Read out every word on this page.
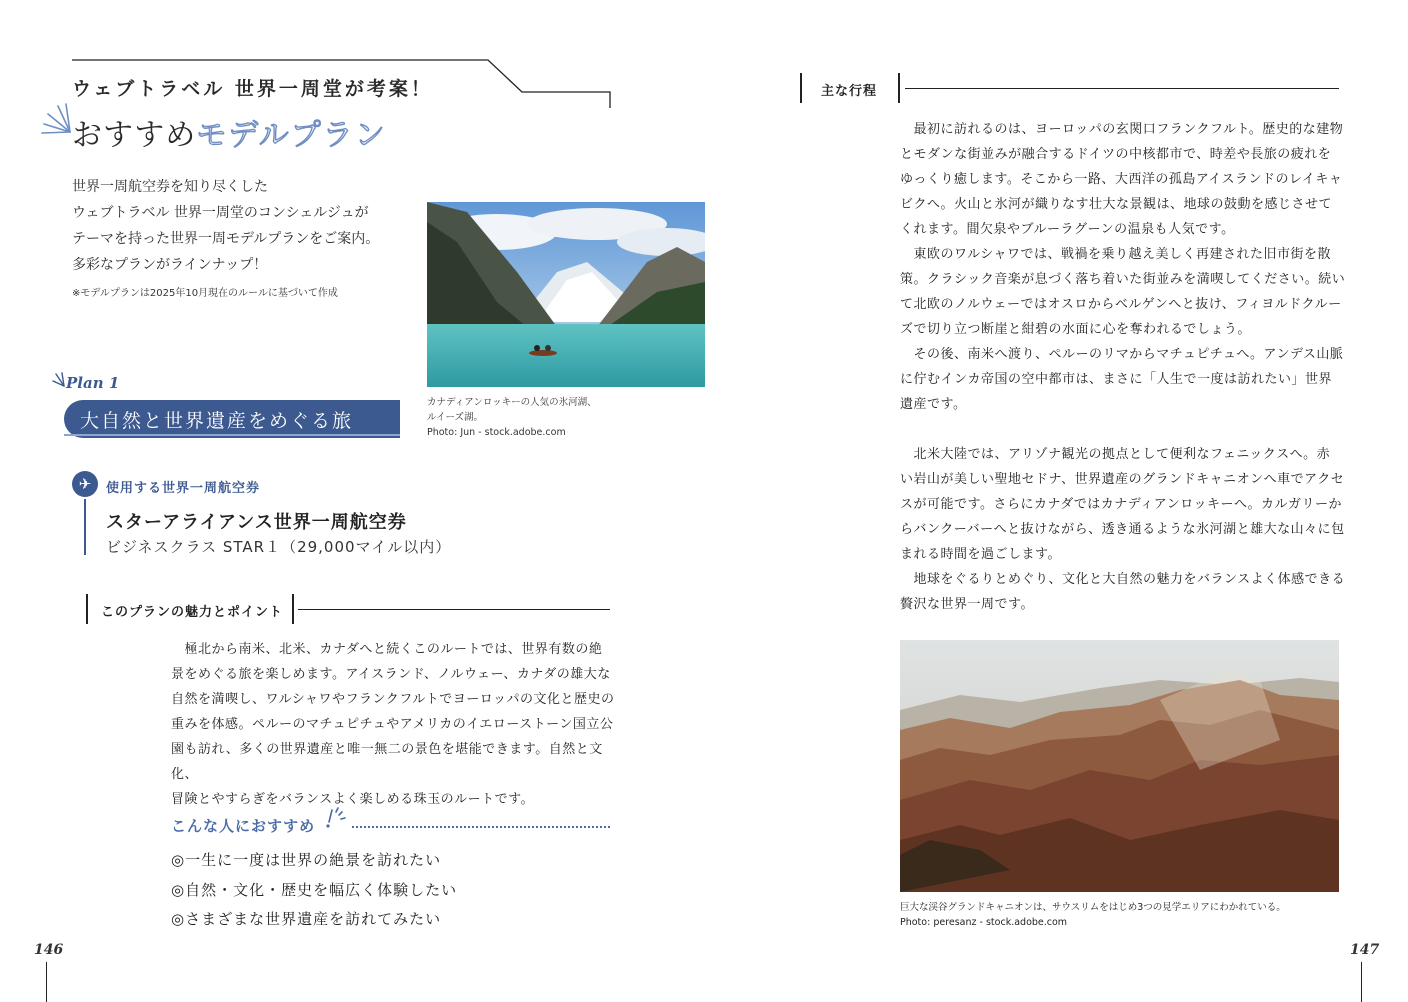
ウェブトラベル 世界一周堂が考案！
おすすめモデルプラン
世界一周航空券を知り尽くした
ウェブトラベル 世界一周堂のコンシェルジュが
テーマを持った世界一周モデルプランをご案内。
多彩なプランがラインナップ！
※モデルプランは2025年10月現在のルールに基づいて作成
カナディアンロッキーの人気の氷河湖、
ルイーズ湖。
Photo: Jun - stock.adobe.com
Plan 1
大自然と世界遺産をめぐる旅
✈	使用する世界一周航空券
スターアライアンス世界一周航空券
ビジネスクラス STAR１（29,000マイル以内）
このプランの魅力とポイント
　極北から南米、北米、カナダへと続くこのルートでは、世界有数の絶
景をめぐる旅を楽しめます。アイスランド、ノルウェー、カナダの雄大な
自然を満喫し、ワルシャワやフランクフルトでヨーロッパの文化と歴史の
重みを体感。ペルーのマチュピチュやアメリカのイエローストーン国立公
園も訪れ、多くの世界遺産と唯一無二の景色を堪能できます。自然と文化、
冒険とやすらぎをバランスよく楽しめる珠玉のルートです。
こんな人におすすめ
◎一生に一度は世界の絶景を訪れたい
◎自然・文化・歴史を幅広く体験したい
◎さまざまな世界遺産を訪れてみたい
146
主な行程
　最初に訪れるのは、ヨーロッパの玄関口フランクフルト。歴史的な建物
とモダンな街並みが融合するドイツの中核都市で、時差や長旅の疲れを
ゆっくり癒します。そこから一路、大西洋の孤島アイスランドのレイキャ
ビクへ。火山と氷河が織りなす壮大な景観は、地球の鼓動を感じさせて
くれます。間欠泉やブルーラグーンの温泉も人気です。
　東欧のワルシャワでは、戦禍を乗り越え美しく再建された旧市街を散
策。クラシック音楽が息づく落ち着いた街並みを満喫してください。続い
て北欧のノルウェーではオスロからベルゲンへと抜け、フィヨルドクルー
ズで切り立つ断崖と紺碧の水面に心を奪われるでしょう。
　その後、南米へ渡り、ペルーのリマからマチュピチュへ。アンデス山脈
に佇むインカ帝国の空中都市は、まさに「人生で一度は訪れたい」世界
遺産です。
　北米大陸では、アリゾナ観光の拠点として便利なフェニックスへ。赤
い岩山が美しい聖地セドナ、世界遺産のグランドキャニオンへ車でアクセ
スが可能です。さらにカナダではカナディアンロッキーへ。カルガリーか
らバンクーバーへと抜けながら、透き通るような氷河湖と雄大な山々に包
まれる時間を過ごします。
　地球をぐるりとめぐり、文化と大自然の魅力をバランスよく体感できる
贅沢な世界一周です。
巨大な渓谷グランドキャニオンは、サウスリムをはじめ3つの見学エリアにわかれている。
Photo: peresanz - stock.adobe.com
147
